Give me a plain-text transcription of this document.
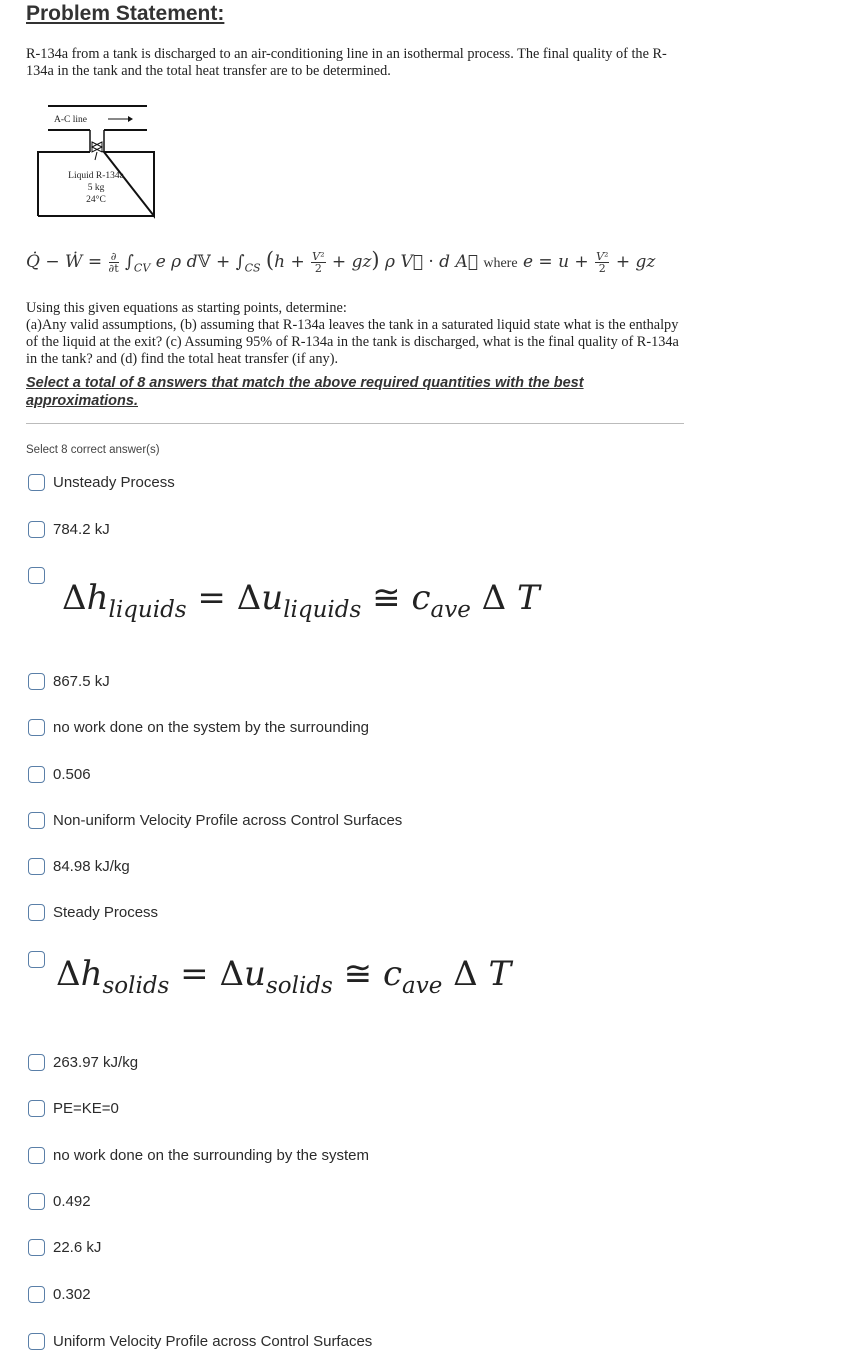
Problem Statement:
R-134a from a tank is discharged to an air-conditioning line in an isothermal process. The final quality of the R-134a in the tank and the total heat transfer are to be determined.
A-C line
Liquid R-134a
5 kg
24°C
Q̇ − Ẇ = $\frac{\partial}{\partial t} \int_{CV}$ e ρ d𝕍 + $\int_{CS}$ $(h + \frac{\text{V²}}{2} + gz)$ ρ V⃗ · d A⃗ where $e = u + \frac{\text{V²}}{2}$ + gz
Using this given equations as starting points, determine:
(a)Any valid assumptions, (b) assuming that R-134a leaves the tank in a saturated liquid state what is the enthalpy of the liquid at the exit? (c) Assuming 95% of R-134a in the tank is discharged, what is the final quality of R-134a in the tank? and (d) find the total heat transfer (if any).
Select a total of 8 answers that match the above required quantities with the best approximations.
Select 8 correct answer(s)
Unsteady Process
784.2 kJ
$\Delta h_{liquids} = \Delta u_{liquids}$ ≅ $c_{ave}$ Δ T
867.5 kJ
no work done on the system by the surrounding
0.506
Non-uniform Velocity Profile across Control Surfaces
84.98 kJ/kg
Steady Process
$\Delta h_{solids} = \Delta u_{solids}$ ≅ $c_{ave}$ Δ T
263.97 kJ/kg
PE=KE=0
no work done on the surrounding by the system
0.492
22.6 kJ
0.302
Uniform Velocity Profile across Control Surfaces
